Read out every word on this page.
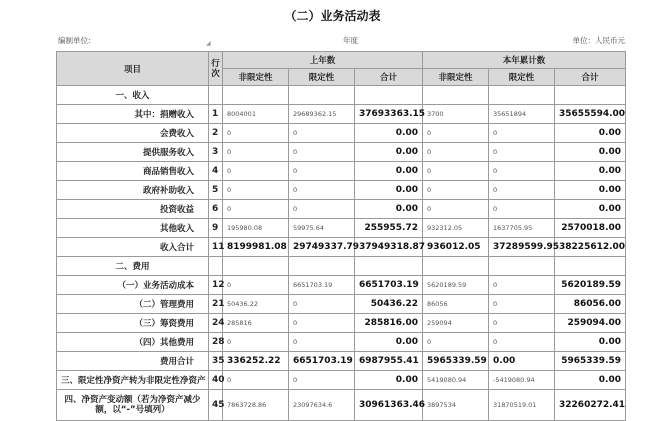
（二）业务活动表
编制单位:	◢	年度	单位：人民币元
项目	行次	上年数			本年累计数		
		非限定性	限定性	合计	非限定性	限定性	合计
一、收入							
其中：捐赠收入	1	8004001	29689362.15	37693363.15	3700	35651894	35655594.00
会费收入	2	0	0	0.00	0	0	0.00
提供服务收入	3	0	0	0.00	0	0	0.00
商品销售收入	4	0	0	0.00	0	0	0.00
政府补助收入	5	0	0	0.00	0	0	0.00
投资收益	6	0	0	0.00	0	0	0.00
其他收入	9	195980.08	59975.64	255955.72	932312.05	1637705.95	2570018.00
收入合计	11	8199981.08	29749337.79	37949318.87	936012.05	37289599.95	38225612.00
二、费用							
（一）业务活动成本	12	0	6651703.19	6651703.19	5620189.59	0	5620189.59
（二）管理费用	21	50436.22	0	50436.22	86056	0	86056.00
（三）筹资费用	24	285816	0	285816.00	259094	0	259094.00
（四）其他费用	28	0	0	0.00	0	0	0.00
费用合计	35	336252.22	6651703.19	6987955.41	5965339.59	0.00	5965339.59
三、限定性净资产转为非限定性净资产	40	0	0	0.00	5419080.94	-5419080.94	0.00
四、净资产变动额（若为净资产减少额，以“-”号填列）	45	7863728.86	23097634.6	30961363.46	3897534	31870519.01	32260272.41
